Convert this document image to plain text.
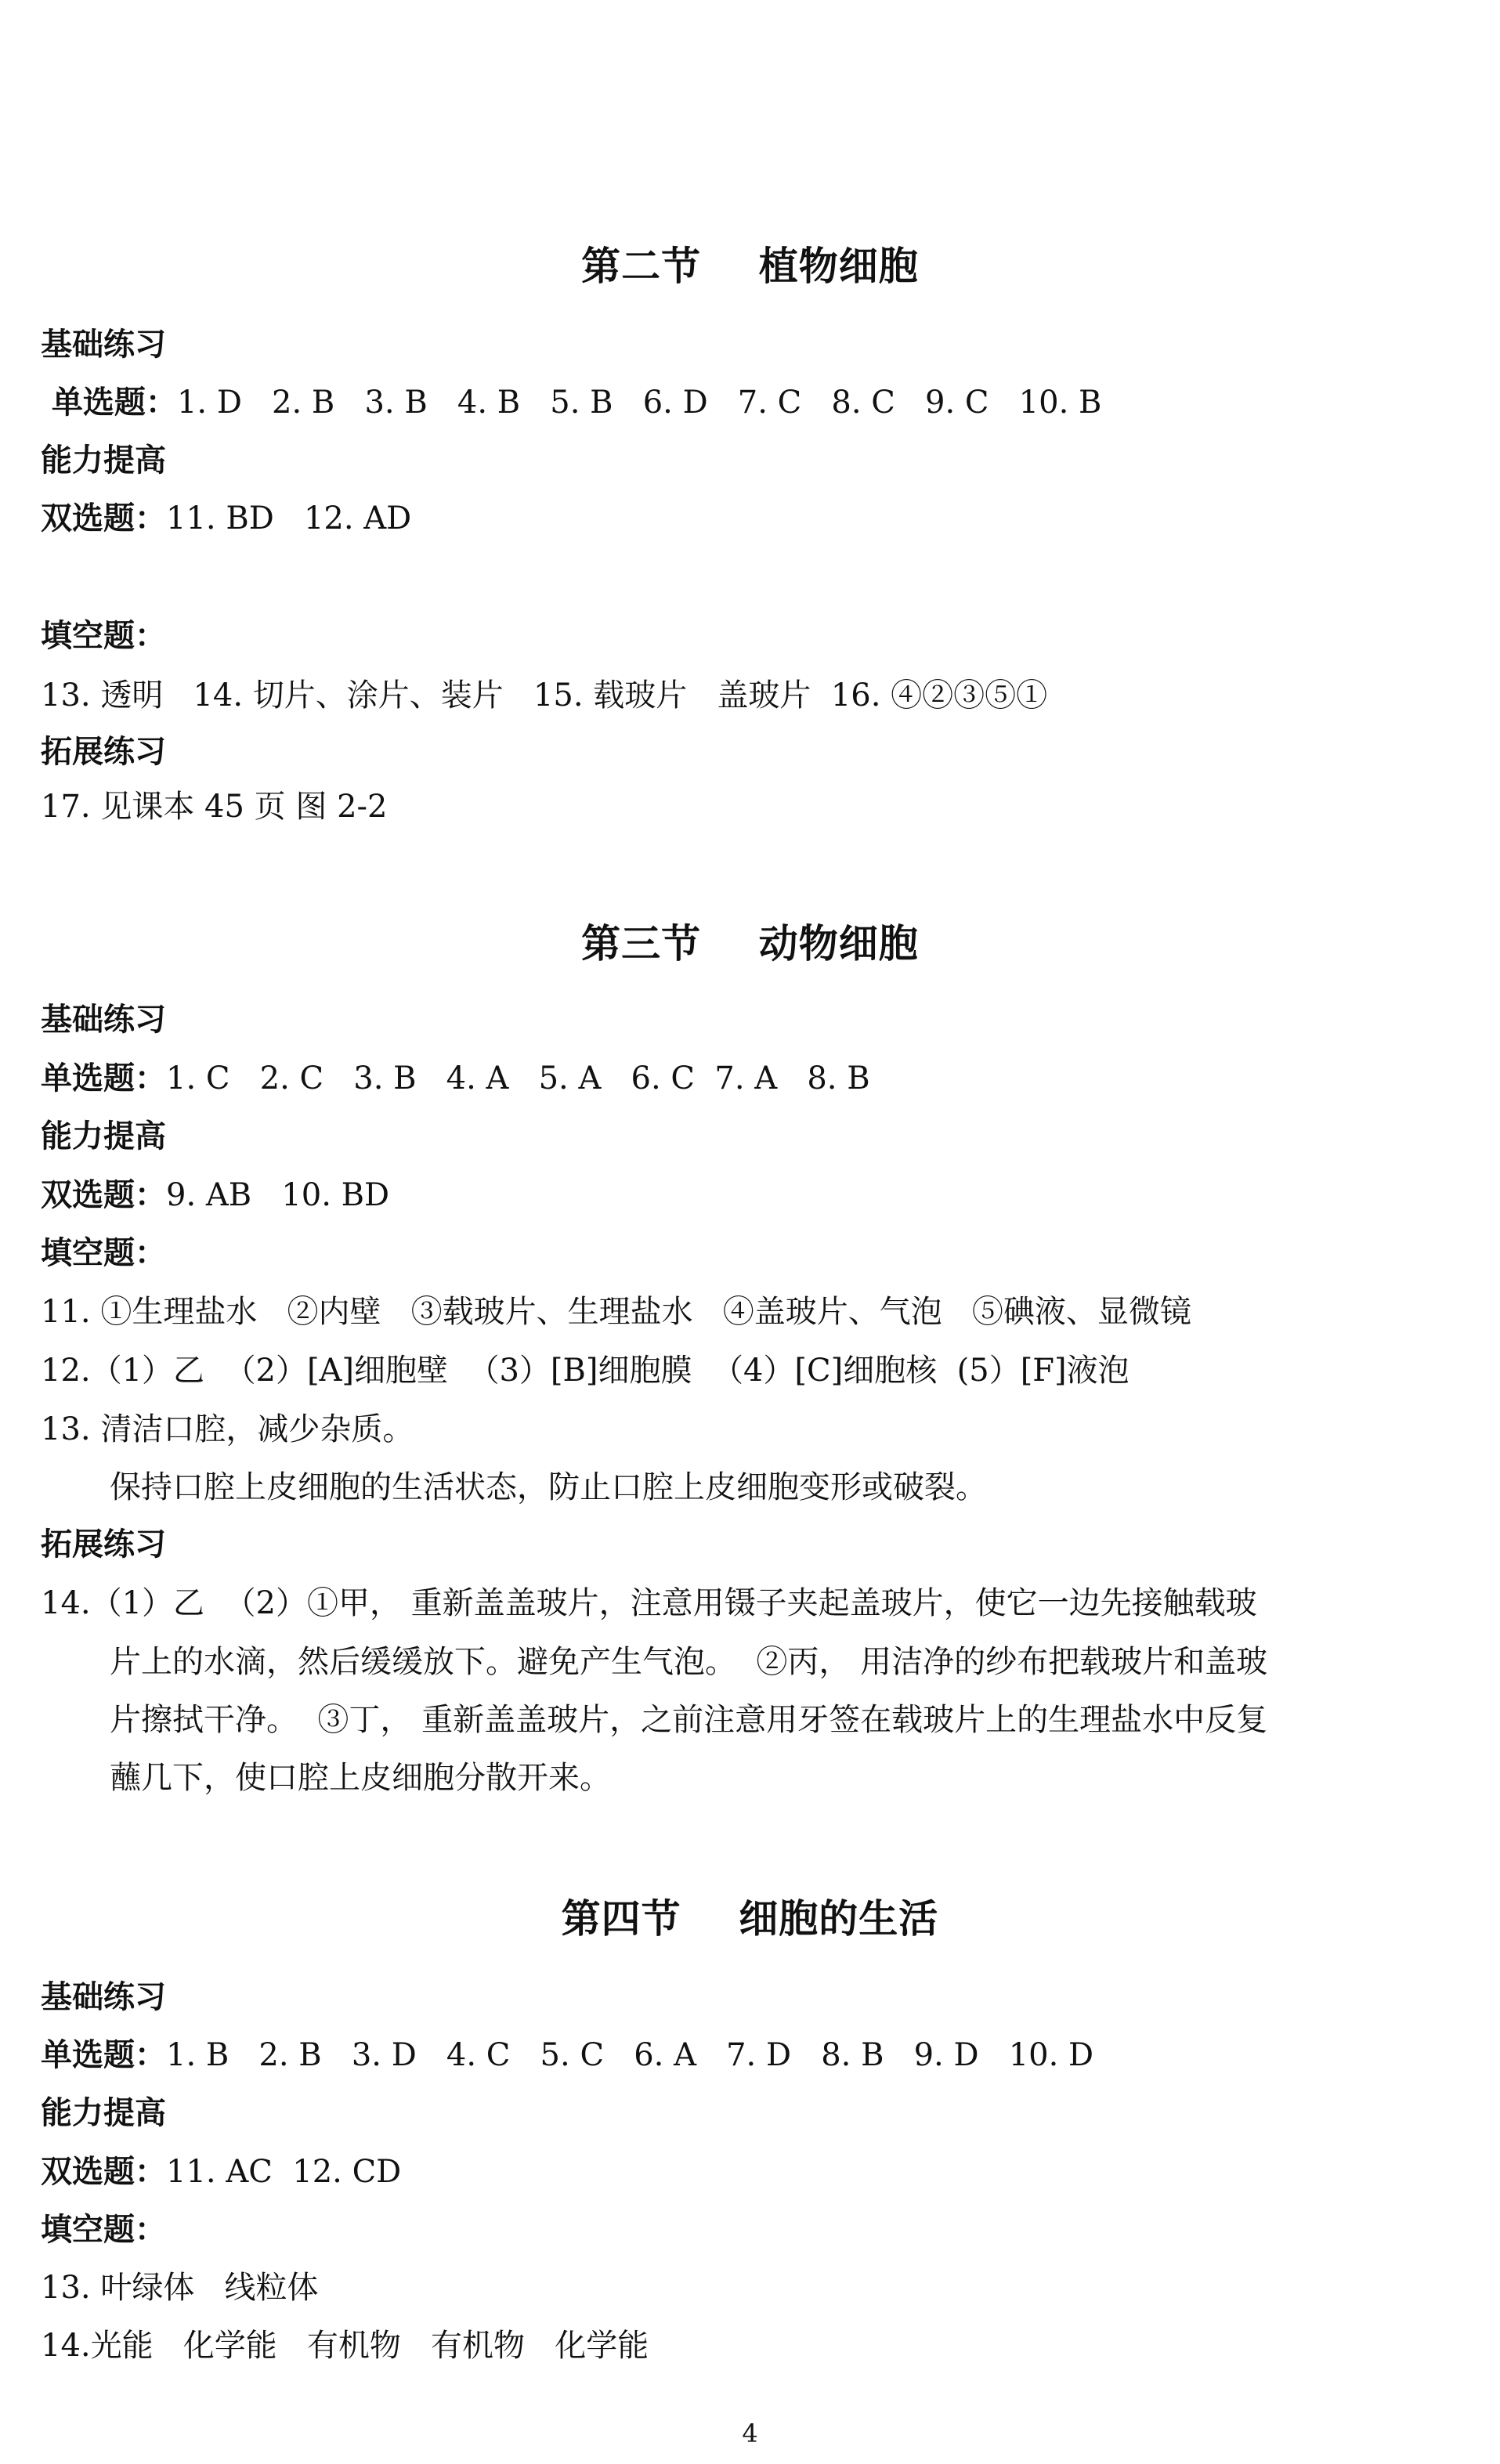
第二节    植物细胞
基础练习
单选题：1. D   2. B   3. B   4. B   5. B   6. D   7. C   8. C   9. C   10. B
能力提高
双选题：11. BD   12. AD
填空题：
13. 透明   14. 切片、涂片、装片   15. 载玻片   盖玻片  16. ④②③⑤①
拓展练习
17. 见课本 45 页 图 2-2
第三节    动物细胞
基础练习
单选题：1. C   2. C   3. B   4. A   5. A   6. C  7. A   8. B
能力提高
双选题：9. AB   10. BD
填空题：
11. ①生理盐水   ②内壁   ③载玻片、生理盐水   ④盖玻片、气泡   ⑤碘液、显微镜
12.（1）乙  （2）[A]细胞壁  （3）[B]细胞膜  （4）[C]细胞核  (5）[F]液泡
13. 清洁口腔，减少杂质。
保持口腔上皮细胞的生活状态，防止口腔上皮细胞变形或破裂。
拓展练习
14.（1）乙  （2）①甲， 重新盖盖玻片，注意用镊子夹起盖玻片，使它一边先接触载玻
片上的水滴，然后缓缓放下。避免产生气泡。  ②丙， 用洁净的纱布把载玻片和盖玻
片擦拭干净。  ③丁， 重新盖盖玻片，之前注意用牙签在载玻片上的生理盐水中反复
蘸几下，使口腔上皮细胞分散开来。
第四节    细胞的生活
基础练习
单选题：1. B   2. B   3. D   4. C   5. C   6. A   7. D   8. B   9. D   10. D
能力提高
双选题：11. AC  12. CD
填空题：
13. 叶绿体   线粒体
14.光能   化学能   有机物   有机物   化学能
4
